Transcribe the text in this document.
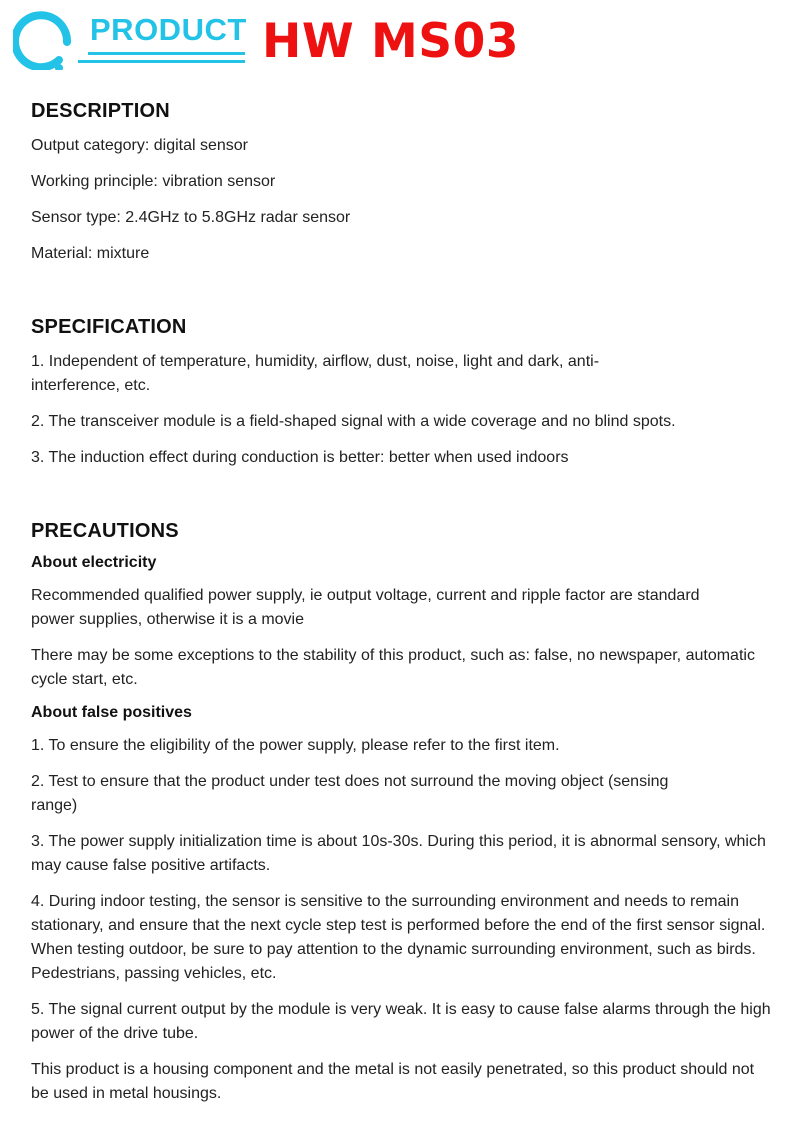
PRODUCT HW MS03
DESCRIPTION

Output category: digital sensor

Working principle: vibration sensor

Sensor type: 2.4GHz to 5.8GHz radar sensor

Material: mixture

SPECIFICATION

1. Independent of temperature, humidity, airflow, dust, noise, light and dark, anti-interference, etc.

2. The transceiver module is a field-shaped signal with a wide coverage and no blind spots.

3. The induction effect during conduction is better: better when used indoors

PRECAUTIONS
About electricity

Recommended qualified power supply, ie output voltage, current and ripple factor are standard power supplies, otherwise it is a movie

There may be some exceptions to the stability of this product, such as: false, no newspaper, automatic cycle start, etc.

About false positives

1. To ensure the eligibility of the power supply, please refer to the first item.

2. Test to ensure that the product under test does not surround the moving object (sensing range)

3. The power supply initialization time is about 10s-30s. During this period, it is abnormal sensory, which may cause false positive artifacts.

4. During indoor testing, the sensor is sensitive to the surrounding environment and needs to remain stationary, and ensure that the next cycle step test is performed before the end of the first sensor signal. When testing outdoor, be sure to pay attention to the dynamic surrounding environment, such as birds. Pedestrians, passing vehicles, etc.

5. The signal current output by the module is very weak. It is easy to cause false alarms through the high power of the drive tube.

This product is a housing component and the metal is not easily penetrated, so this product should not be used in metal housings.
